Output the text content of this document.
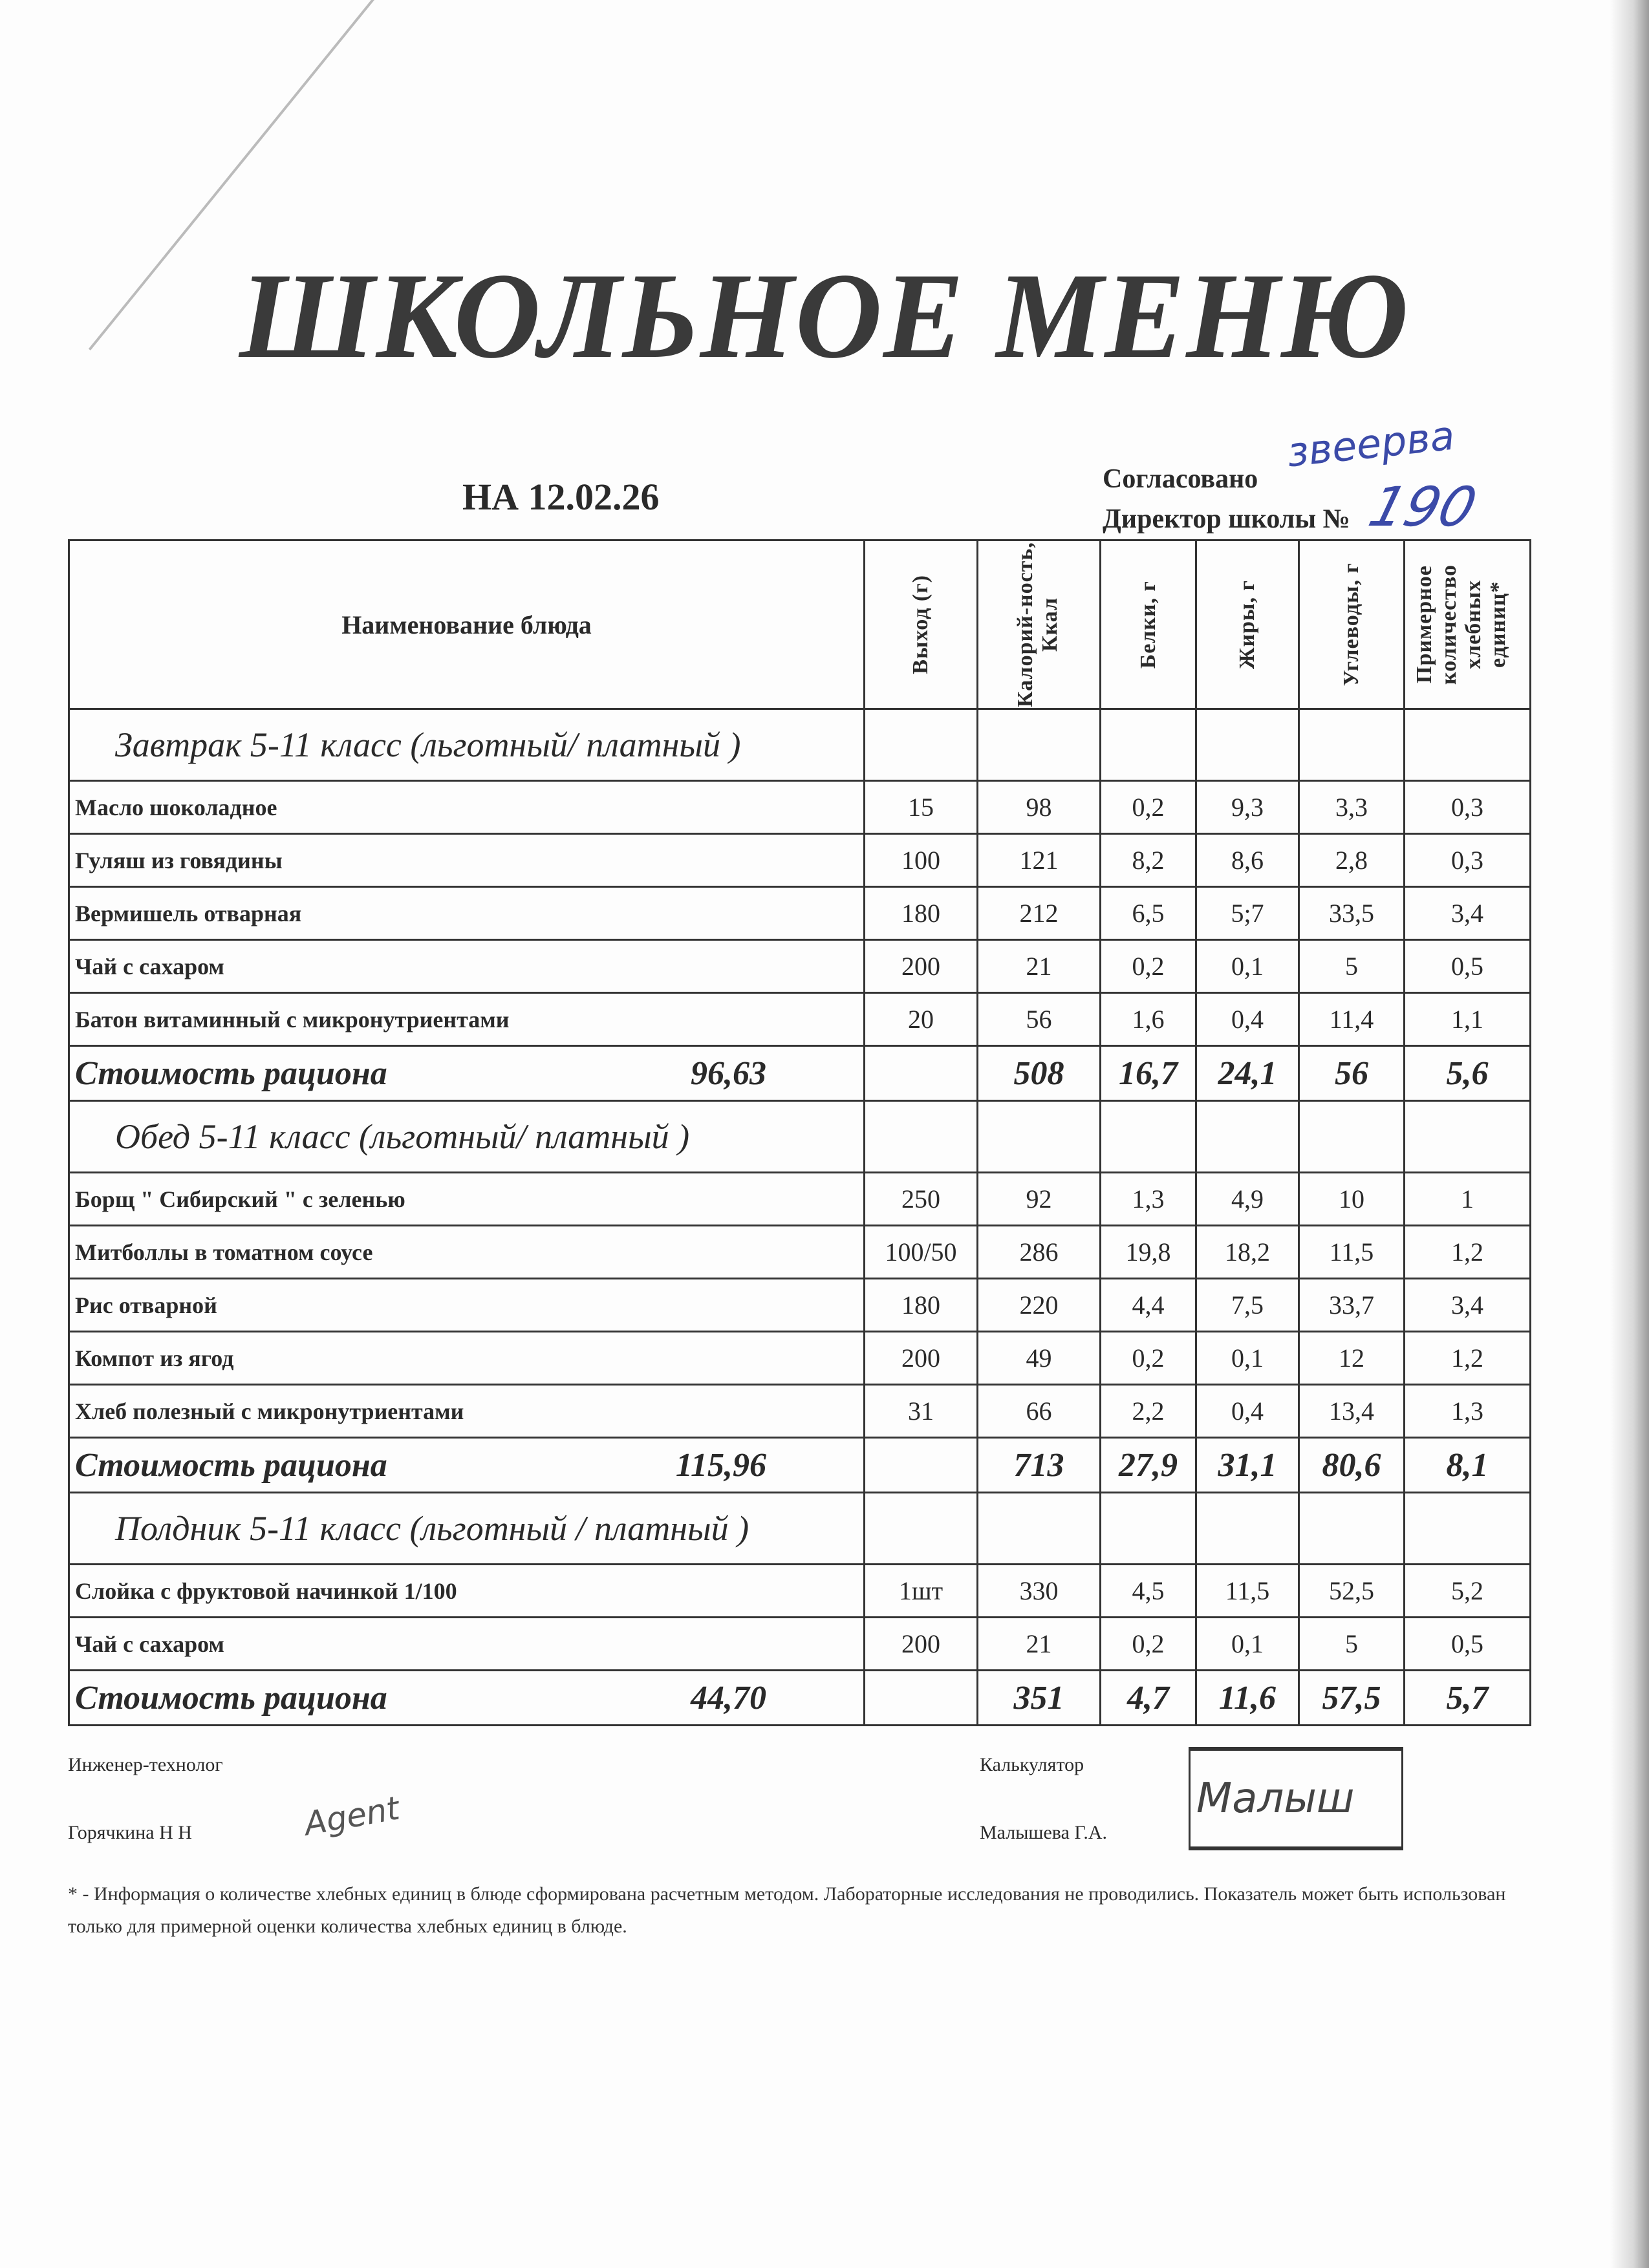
ШКОЛЬНОЕ МЕНЮ
НА 12.02.26	Согласовано
Директор школы №
звеерва
190
Наименование блюда	Выход (г)	Калорий-ность, Ккал	Белки, г	Жиры, г	Углеводы, г	Примерное количество хлебных единиц*

Завтрак 5-11 класс (льготный/ платный )						
Масло шоколадное	15	98	0,2	9,3	3,3	0,3
Гуляш из говядины	100	121	8,2	8,6	2,8	0,3
Вермишель отварная	180	212	6,5	5;7	33,5	3,4
Чай с сахаром	200	21	0,2	0,1	5	0,5
Батон витаминный с микронутриентами	20	56	1,6	0,4	11,4	1,1
Стоимость рациона 96,63		508	16,7	24,1	56	5,6
Обед 5-11 класс (льготный/ платный )						
Борщ " Сибирский " с зеленью	250	92	1,3	4,9	10	1
Митболлы в томатном соусе	100/50	286	19,8	18,2	11,5	1,2
Рис отварной	180	220	4,4	7,5	33,7	3,4
Компот из ягод	200	49	0,2	0,1	12	1,2
Хлеб полезный с микронутриентами	31	66	2,2	0,4	13,4	1,3
Стоимость рациона 115,96		713	27,9	31,1	80,6	8,1
Полдник 5-11 класс (льготный / платный )						
Слойка с фруктовой начинкой 1/100	1шт	330	4,5	11,5	52,5	5,2
Чай с сахаром	200	21	0,2	0,1	5	0,5
Стоимость рациона 44,70		351	4,7	11,6	57,5	5,7
Инженер-технолог
Горячкина Н Н	Agent
Калькулятор
Малышева Г.А.
Малыш
* - Информация о количестве хлебных единиц в блюде сформирована расчетным методом. Лабораторные исследования не проводились. Показатель может быть использован только для примерной оценки количества хлебных единиц в блюде.
